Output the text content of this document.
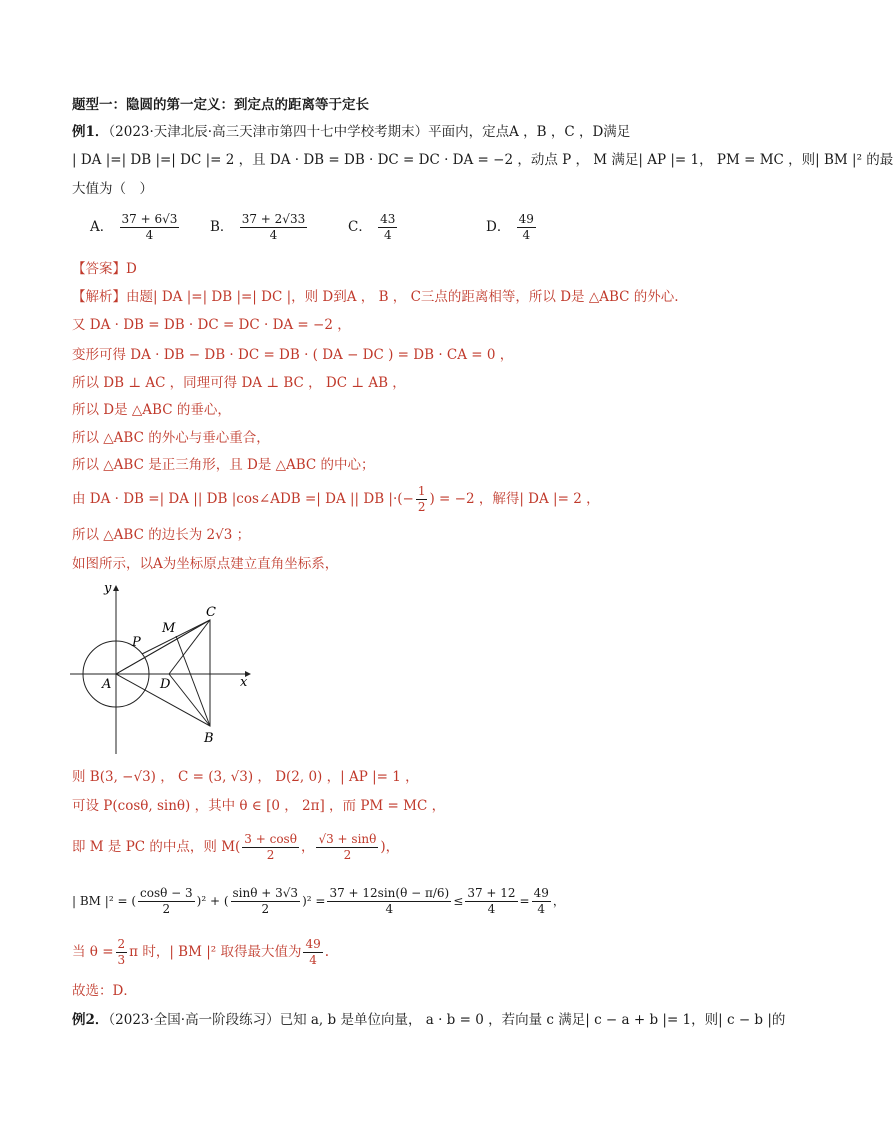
题型一：隐圆的第一定义：到定点的距离等于定长
例1．（2023·天津北辰·高三天津市第四十七中学校考期末）平面内，定点A ，B ，C ，D满足
| DA |=| DB |=| DC |= 2 ，且 DA · DB = DB · DC = DC · DA = −2 ，动点 P ， M 满足| AP |= 1， PM = MC ，则| BM |² 的最
大值为（　）
A． $\frac{37 + 6√3}{4}$ B． $\frac{37 + 2√33}{4}$	C． $\frac{43}{4}$	D． $\frac{49}{4}$
【答案】D
【解析】由题| DA |=| DB |=| DC |，则 D到A ， B ， C三点的距离相等，所以 D是 △ABC 的外心.
又 DA · DB = DB · DC = DC · DA = −2 ，
变形可得 DA · DB − DB · DC = DB · ( DA − DC ) = DB · CA = 0 ，
所以 DB ⊥ AC ，同理可得 DA ⊥ BC ， DC ⊥ AB ，
所以 D是 △ABC 的垂心，
所以 △ABC 的外心与垂心重合，
所以 △ABC 是正三角形，且 D是 △ABC 的中心；
由 DA · DB =| DA || DB |cos∠ADB =| DA || DB |·(− $\frac{1}{2}$ ) = −2 ，解得| DA |= 2 ，
所以 △ABC 的边长为 2√3 ；
如图所示，以A为坐标原点建立直角坐标系，
y
x
A
B
C
D
P
M
则 B(3, −√3) ， C = (3, √3) ， D(2, 0) ，| AP |= 1 ，
可设 P(cosθ, sinθ) ，其中 θ ∈ [0 ， 2π] ，而 PM = MC ，
即 M 是 PC 的中点，则 $M( \frac{3 + \cos\theta}{2}$ ， $\frac{√3 + \sin\theta}{2}$ )，
| BM |² = ( $\frac{\cos\theta - 3}{2} )^2$ + ( $\frac{\sin\theta + 3√3}{2} )^2 = \frac{37 + 12\sin(\theta - \pi/6)}{4} \le \frac{37 + 12}{4} = \frac{49}{4}$ ，
当 $\theta = \frac{2}{3}$ π 时，| BM |² 取得最大值为 $\frac{49}{4}$ .
故选：D．
例2．（2023·全国·高一阶段练习）已知 a, b 是单位向量， a · b = 0 ，若向量 c 满足| c − a + b |= 1，则| c − b |的
